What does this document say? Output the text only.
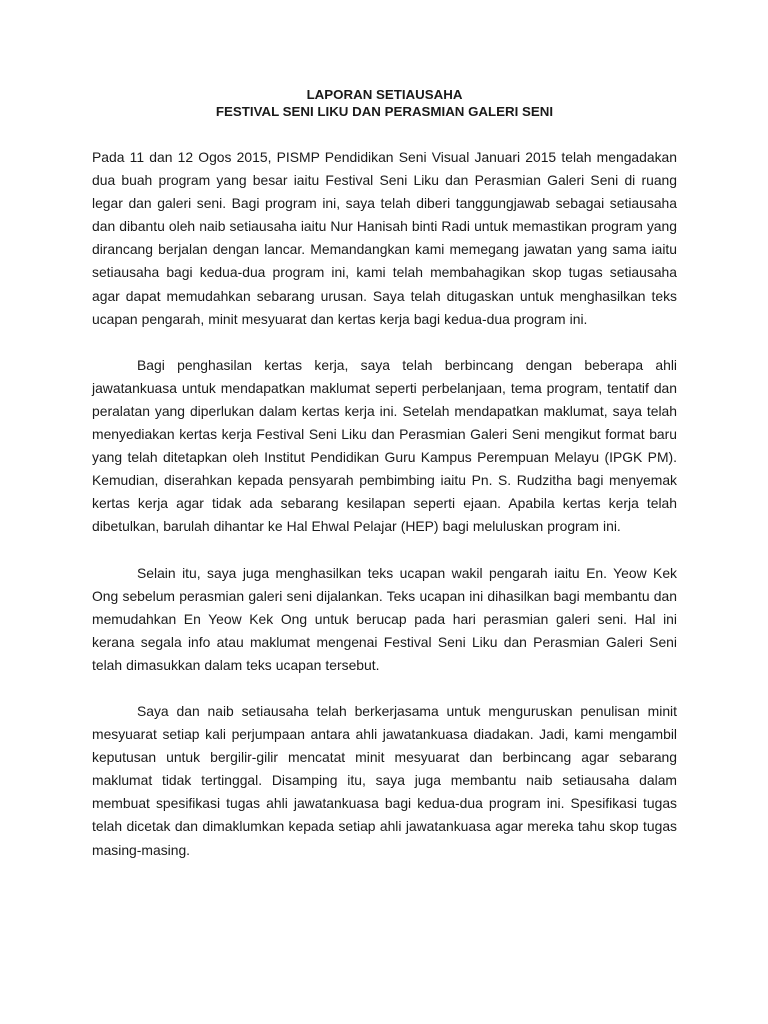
LAPORAN SETIAUSAHA
FESTIVAL SENI LIKU DAN PERASMIAN GALERI SENI

Pada 11 dan 12 Ogos 2015, PISMP Pendidikan Seni Visual Januari 2015 telah mengadakan dua buah program yang besar iaitu Festival Seni Liku dan Perasmian Galeri Seni di ruang legar dan galeri seni. Bagi program ini, saya telah diberi tanggungjawab sebagai setiausaha dan dibantu oleh naib setiausaha iaitu Nur Hanisah binti Radi untuk memastikan program yang dirancang berjalan dengan lancar. Memandangkan kami memegang jawatan yang sama iaitu setiausaha bagi kedua-dua program ini, kami telah membahagikan skop tugas setiausaha agar dapat memudahkan sebarang urusan. Saya telah ditugaskan untuk menghasilkan teks ucapan pengarah, minit mesyuarat dan kertas kerja bagi kedua-dua program ini.

Bagi penghasilan kertas kerja, saya telah berbincang dengan beberapa ahli jawatankuasa untuk mendapatkan maklumat seperti perbelanjaan, tema program, tentatif dan peralatan yang diperlukan dalam kertas kerja ini. Setelah mendapatkan maklumat, saya telah menyediakan kertas kerja Festival Seni Liku dan Perasmian Galeri Seni mengikut format baru yang telah ditetapkan oleh Institut Pendidikan Guru Kampus Perempuan Melayu (IPGK PM). Kemudian, diserahkan kepada pensyarah pembimbing iaitu Pn. S. Rudzitha bagi menyemak kertas kerja agar tidak ada sebarang kesilapan seperti ejaan. Apabila kertas kerja telah dibetulkan, barulah dihantar ke Hal Ehwal Pelajar (HEP) bagi meluluskan program ini.

Selain itu, saya juga menghasilkan teks ucapan wakil pengarah iaitu En. Yeow Kek Ong sebelum perasmian galeri seni dijalankan. Teks ucapan ini dihasilkan bagi membantu dan memudahkan En Yeow Kek Ong untuk berucap pada hari perasmian galeri seni. Hal ini kerana segala info atau maklumat mengenai Festival Seni Liku dan Perasmian Galeri Seni telah dimasukkan dalam teks ucapan tersebut.

Saya dan naib setiausaha telah berkerjasama untuk menguruskan penulisan minit mesyuarat setiap kali perjumpaan antara ahli jawatankuasa diadakan. Jadi, kami mengambil keputusan untuk bergilir-gilir mencatat minit mesyuarat dan berbincang agar sebarang maklumat tidak tertinggal. Disamping itu, saya juga membantu naib setiausaha dalam membuat spesifikasi tugas ahli jawatankuasa bagi kedua-dua program ini. Spesifikasi tugas telah dicetak dan dimaklumkan kepada setiap ahli jawatankuasa agar mereka tahu skop tugas masing-masing.
